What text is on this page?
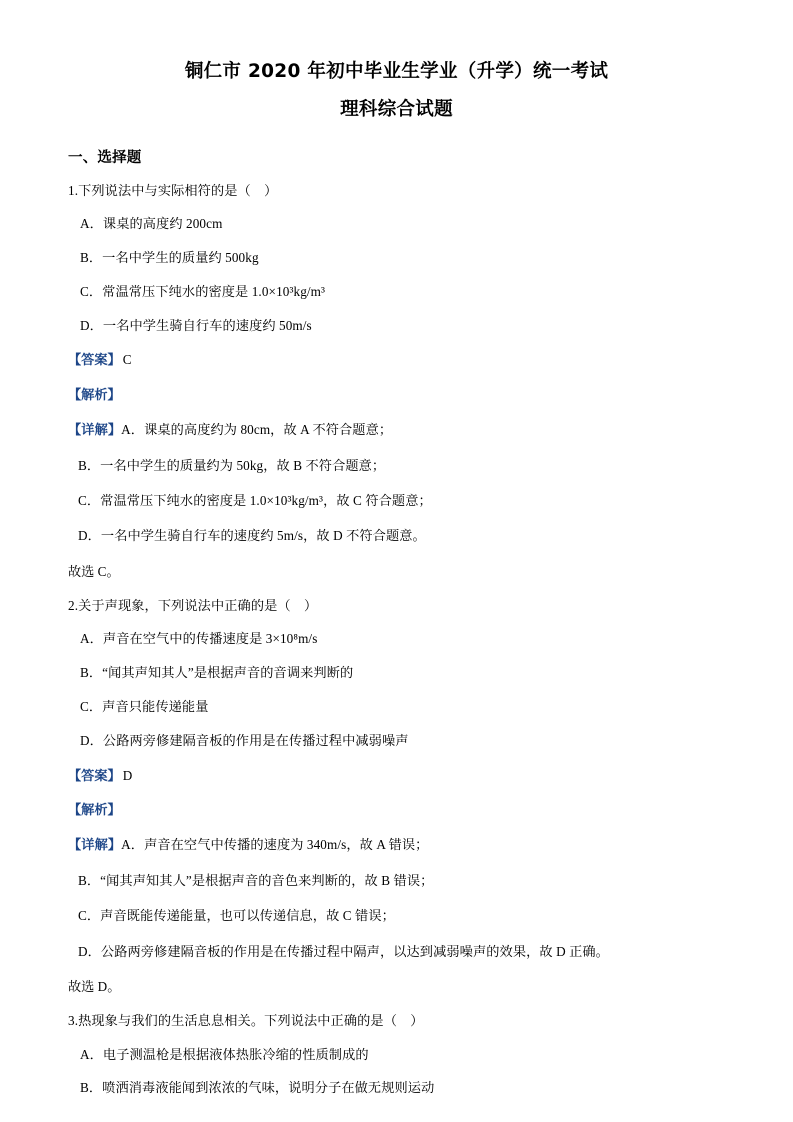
铜仁市 2020 年初中毕业生学业（升学）统一考试
理科综合试题
一、选择题
1.下列说法中与实际相符的是（　）
A．课桌的高度约 200cm
B．一名中学生的质量约 500kg
C．常温常压下纯水的密度是 1.0×10³kg/m³
D．一名中学生骑自行车的速度约 50m/s
【答案】 C
【解析】
【详解】A．课桌的高度约为 80cm，故 A 不符合题意；
B．一名中学生的质量约为 50kg，故 B 不符合题意；
C．常温常压下纯水的密度是 1.0×10³kg/m³，故 C 符合题意；
D．一名中学生骑自行车的速度约 5m/s，故 D 不符合题意。
故选 C。
2.关于声现象，下列说法中正确的是（　）
A．声音在空气中的传播速度是 3×10⁸m/s
B．“闻其声知其人”是根据声音的音调来判断的
C．声音只能传递能量
D．公路两旁修建隔音板的作用是在传播过程中减弱噪声
【答案】 D
【解析】
【详解】A．声音在空气中传播的速度为 340m/s，故 A 错误；
B．“闻其声知其人”是根据声音的音色来判断的，故 B 错误；
C．声音既能传递能量，也可以传递信息，故 C 错误；
D．公路两旁修建隔音板的作用是在传播过程中隔声，以达到减弱噪声的效果，故 D 正确。
故选 D。
3.热现象与我们的生活息息相关。下列说法中正确的是（　）
A．电子测温枪是根据液体热胀冷缩的性质制成的
B．喷洒消毒液能闻到浓浓的气味，说明分子在做无规则运动
